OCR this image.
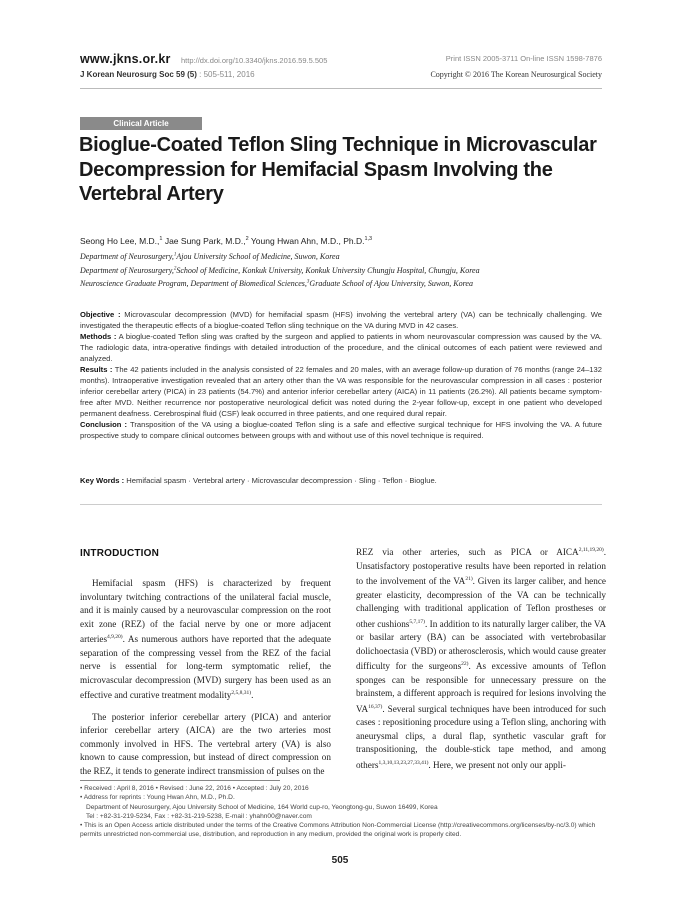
www.jkns.or.kr http://dx.doi.org/10.3340/jkns.2016.59.5.505
J Korean Neurosurg Soc 59 (5) : 505-511, 2016
Print ISSN 2005-3711 On-line ISSN 1598-7876
Copyright © 2016 The Korean Neurosurgical Society
Clinical Article
Bioglue-Coated Teflon Sling Technique in Microvascular Decompression for Hemifacial Spasm Involving the Vertebral Artery
Seong Ho Lee, M.D.,$^1$ Jae Sung Park, M.D.,$^2$ Young Hwan Ahn, M.D., Ph.D.$^{1,3}$
Department of Neurosurgery,$^1$Ajou University School of Medicine, Suwon, Korea
Department of Neurosurgery,$^2$School of Medicine, Konkuk University, Konkuk University Chungju Hospital, Chungju, Korea
Neuroscience Graduate Program, Department of Biomedical Sciences,$^3$Graduate School of Ajou University, Suwon, Korea

Objective : Microvascular decompression (MVD) for hemifacial spasm (HFS) involving the vertebral artery (VA) can be technically challenging. We investigated the therapeutic effects of a bioglue-coated Teflon sling technique on the VA during MVD in 42 cases.

Methods : A bioglue-coated Teflon sling was crafted by the surgeon and applied to patients in whom neurovascular compression was caused by the VA. The radiologic data, intra-operative findings with detailed introduction of the procedure, and the clinical outcomes of each patient were reviewed and analyzed.

Results : The 42 patients included in the analysis consisted of 22 females and 20 males, with an average follow-up duration of 76 months (range 24–132 months). Intraoperative investigation revealed that an artery other than the VA was responsible for the neurovascular compression in all cases : posterior inferior cerebellar artery (PICA) in 23 patients (54.7%) and anterior inferior cerebellar artery (AICA) in 11 patients (26.2%). All patients became symptom-free after MVD. Neither recurrence nor postoperative neurological deficit was noted during the 2-year follow-up, except in one patient who developed permanent deafness. Cerebrospinal fluid (CSF) leak occurred in three patients, and one required dural repair.

Conclusion : Transposition of the VA using a bioglue-coated Teflon sling is a safe and effective surgical technique for HFS involving the VA. A future prospective study to compare clinical outcomes between groups with and without use of this novel technique is required.

Key Words : Hemifacial spasm · Vertebral artery · Microvascular decompression · Sling · Teflon · Bioglue.
INTRODUCTION

Hemifacial spasm (HFS) is characterized by frequent involuntary twitching contractions of the unilateral facial muscle, and it is mainly caused by a neurovascular compression on the root exit zone (REZ) of the facial nerve by one or more adjacent arteries$^{4,9,20)}$. As numerous authors have reported that the adequate separation of the compressing vessel from the REZ of the facial nerve is essential for long-term symptomatic relief, the microvascular decompression (MVD) surgery has been used as an effective and curative treatment modality$^{2,5,8,31)}$.

The posterior inferior cerebellar artery (PICA) and anterior inferior cerebellar artery (AICA) are the two arteries most commonly involved in HFS. The vertebral artery (VA) is also known to cause compression, but instead of direct compression on the REZ, it tends to generate indirect transmission of pulses on the

REZ via other arteries, such as PICA or AICA$^{2,11,19,20)}$. Unsatisfactory postoperative results have been reported in relation to the involvement of the VA$^{21)}$. Given its larger caliber, and hence greater elasticity, decompression of the VA can be technically challenging with traditional application of Teflon prostheses or other cushions$^{5,7,17)}$. In addition to its naturally larger caliber, the VA or basilar artery (BA) can be associated with vertebrobasilar dolichoectasia (VBD) or atherosclerosis, which would cause greater difficulty for the surgeons$^{22)}$. As excessive amounts of Teflon sponges can be responsible for unnecessary pressure on the brainstem, a different approach is required for lesions involving the VA$^{16,37)}$. Several surgical techniques have been introduced for such cases : repositioning procedure using a Teflon sling, anchoring with aneurysmal clips, a dural flap, synthetic vascular graft for transpositioning, the double-stick tape method, and among others$^{1,3,10,13,23,27,33,41)}$. Here, we present not only our appli-

• Received : April 8, 2016 • Revised : June 22, 2016 • Accepted : July 20, 2016
• Address for reprints : Young Hwan Ahn, M.D., Ph.D.
Department of Neurosurgery, Ajou University School of Medicine, 164 World cup-ro, Yeongtong-gu, Suwon 16499, Korea
Tel : +82-31-219-5234, Fax : +82-31-219-5238, E-mail : yhahn00@naver.com
• This is an Open Access article distributed under the terms of the Creative Commons Attribution Non-Commercial License (http://creativecommons.org/licenses/by-nc/3.0) which permits unrestricted non-commercial use, distribution, and reproduction in any medium, provided the original work is properly cited.
505
